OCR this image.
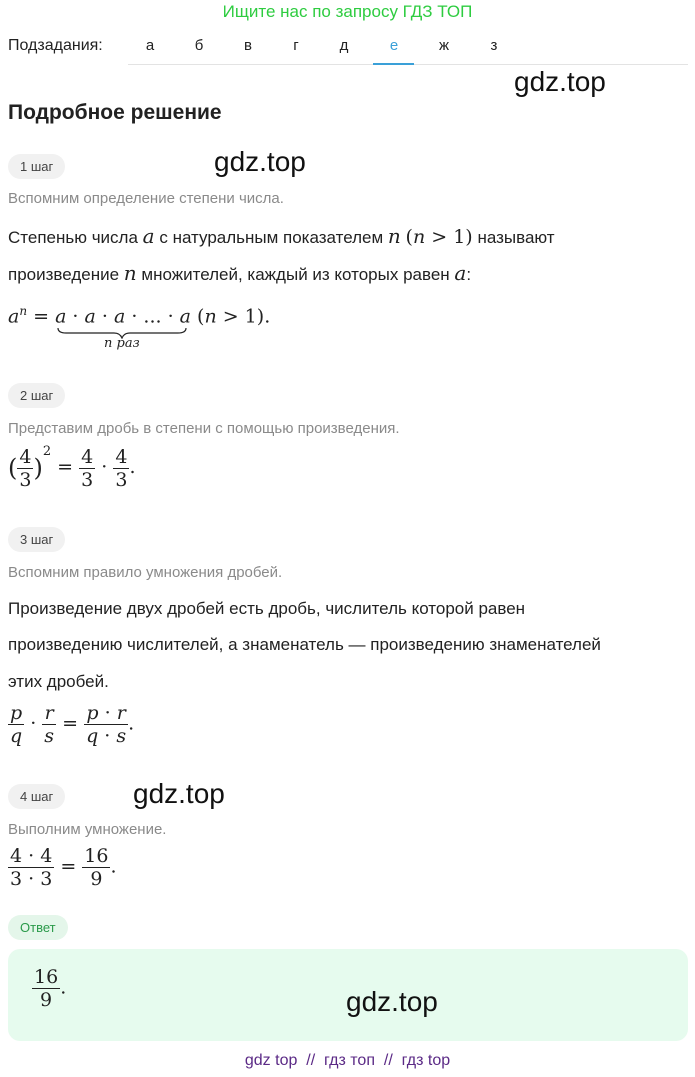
Ищите нас по запросу ГДЗ ТОП
Подзадания:	а	б	в	г	д	е	ж	з
gdz.top
gdz.top
gdz.top
Подробное решение
1 шаг
Вспомним определение степени числа.
Степенью числа a с натуральным показателем n (n > 1) называют
произведение n множителей, каждый из которых равен a:
$a^n = a \cdot a \cdot a$ · ... · a (n > 1).
n раз
2 шаг
Представим дробь в степени с помощью произведения.
( $\frac{4}{3} )^2 = \frac{4}{3} \cdot \frac{4}{3}$ .
3 шаг
Вспомним правило умножения дробей.
Произведение двух дробей есть дробь, числитель которой равен
произведению числителей, а знаменатель — произведению знаменателей
этих дробей.
$\frac{p}{q} \cdot \frac{r}{s} = \frac{p \cdot r}{q \cdot s}$ .
4 шаг
Выполним умножение.
$\frac{4 \cdot 4}{3 \cdot 3} = \frac{16}{9}$ .
Ответ
$\frac{16}{9}$ .	gdz.top
gdz top  //  гдз топ  //  гдз top
